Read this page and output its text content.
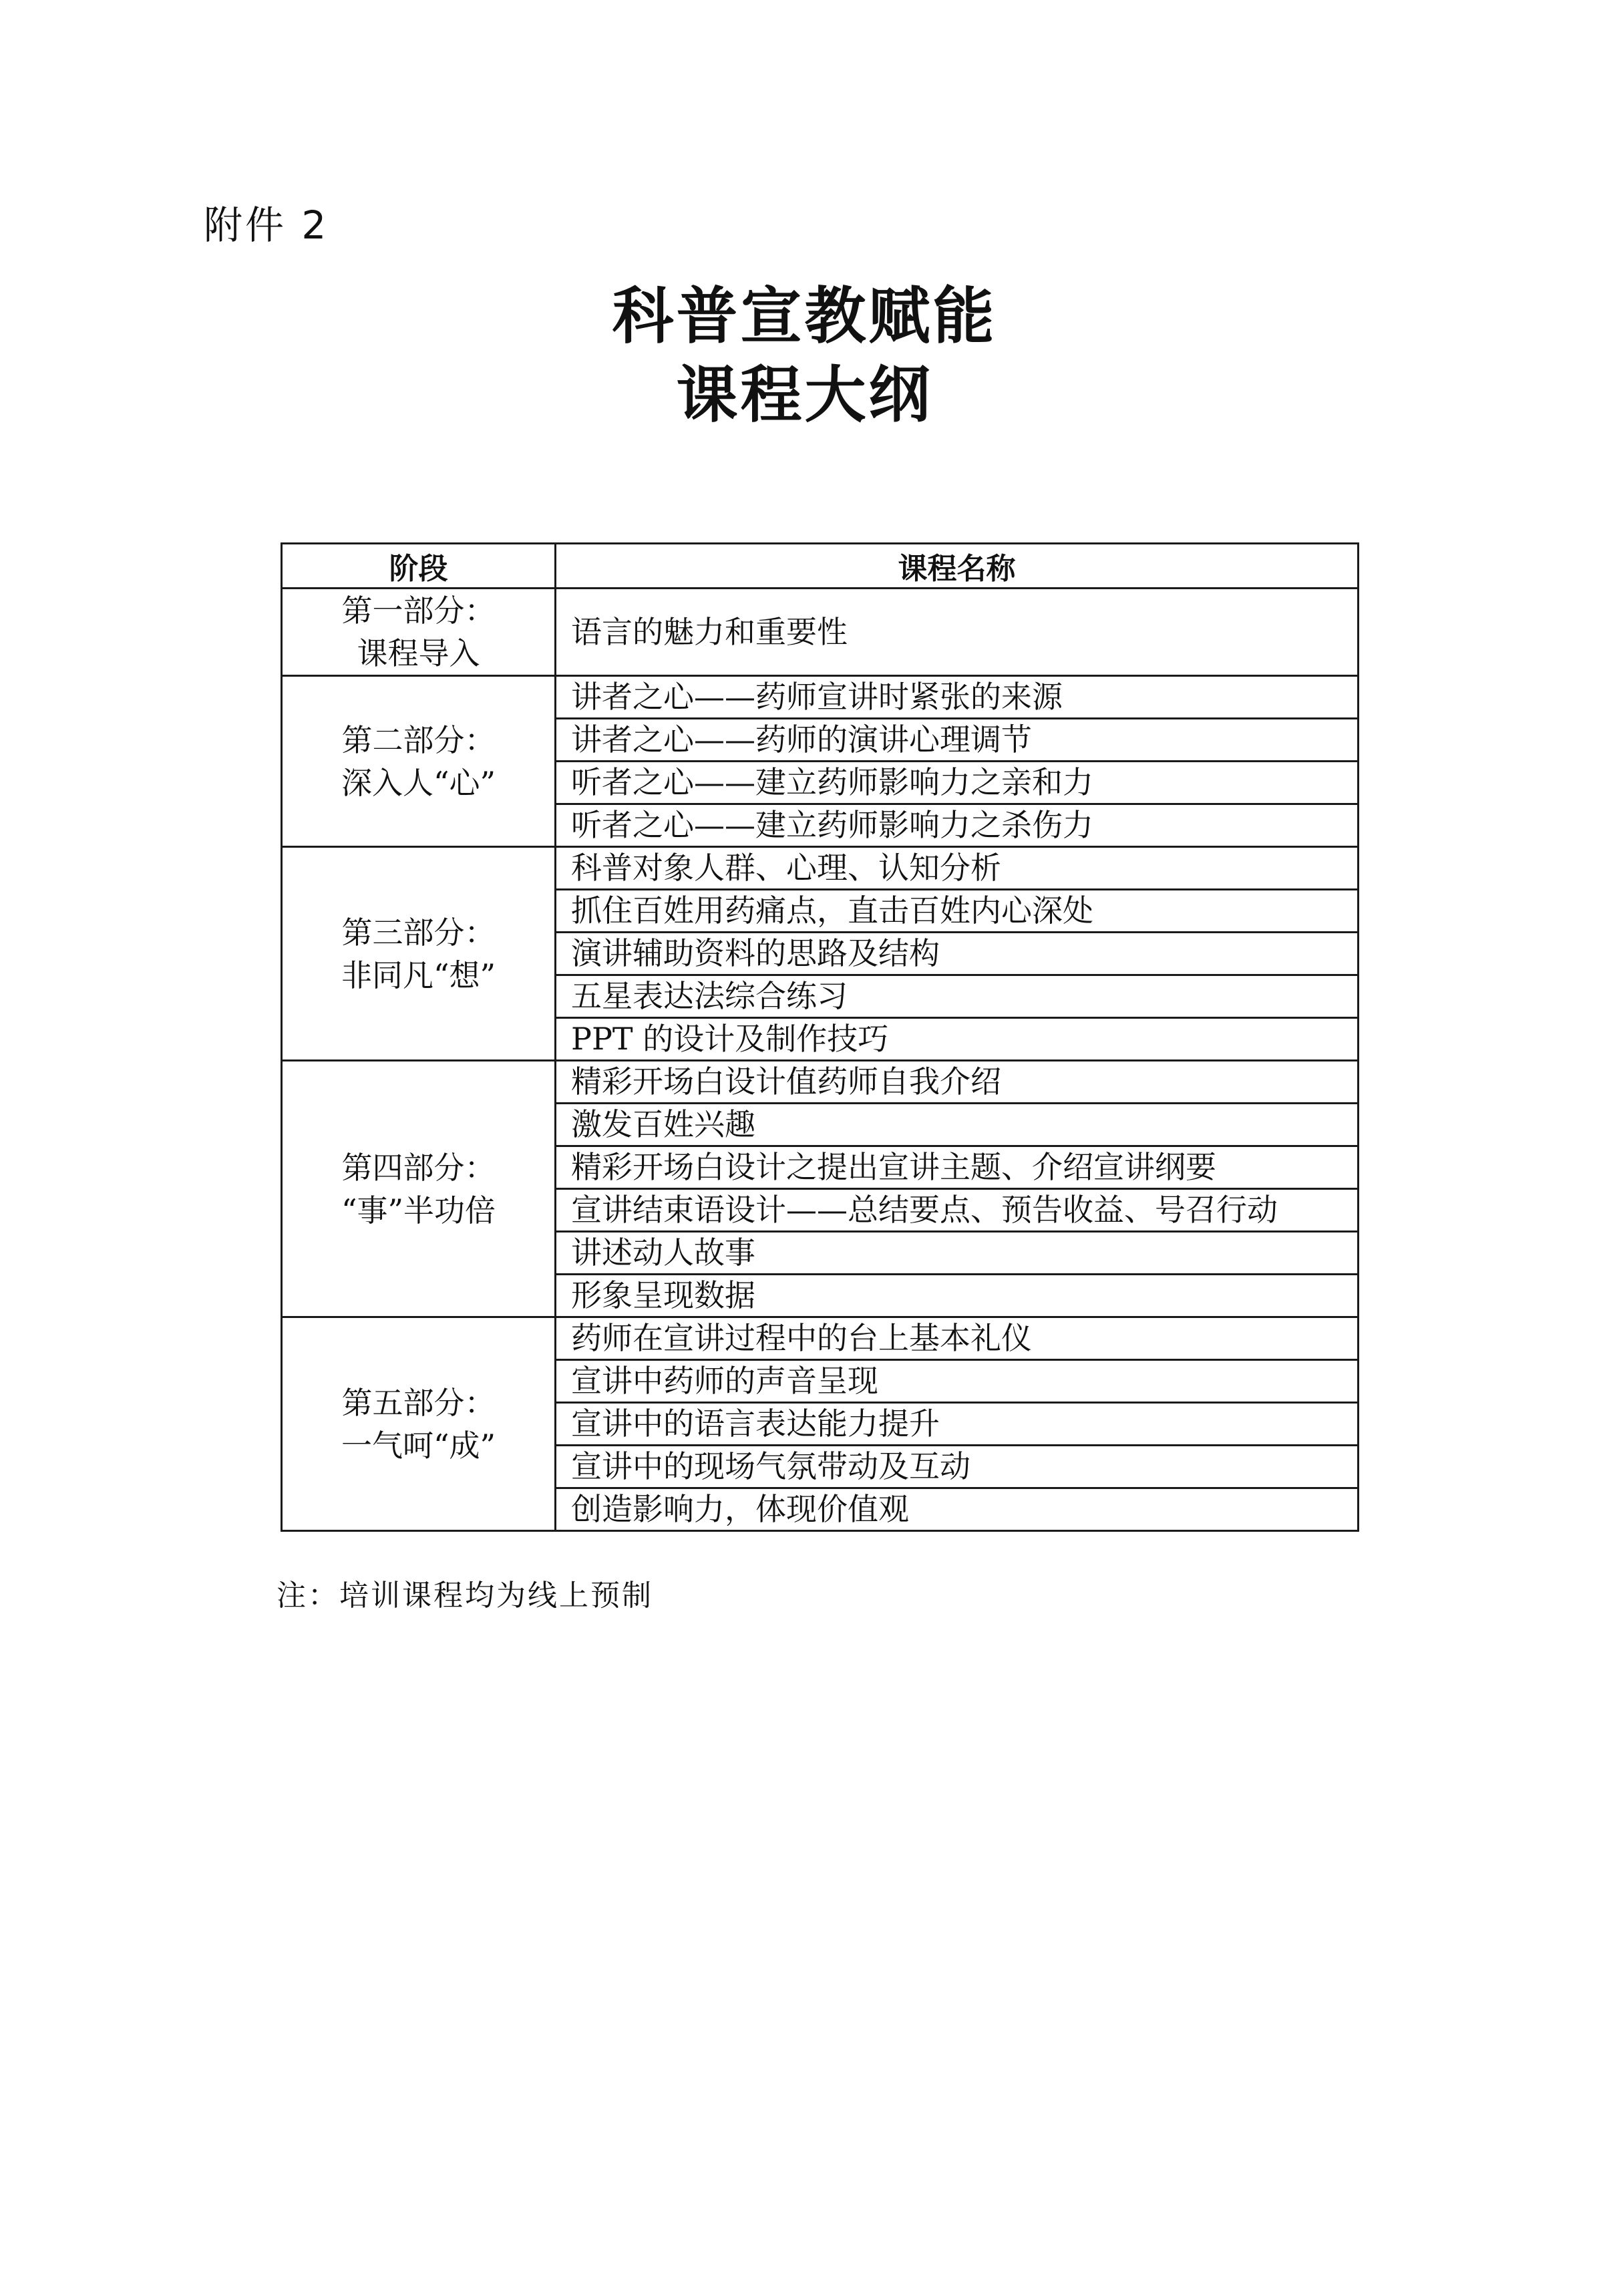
附件 2
科普宣教赋能
课程大纲
阶段	课程名称

第一部分：
课程导入	语言的魅力和重要性

第二部分：
深入人“心”	讲者之心——药师宣讲时紧张的来源
	讲者之心——药师的演讲心理调节
	听者之心——建立药师影响力之亲和力
	听者之心——建立药师影响力之杀伤力

第三部分：
非同凡“想”	科普对象人群、心理、认知分析
	抓住百姓用药痛点，直击百姓内心深处
	演讲辅助资料的思路及结构
	五星表达法综合练习
	PPT 的设计及制作技巧

第四部分：
“事”半功倍	精彩开场白设计值药师自我介绍
	激发百姓兴趣
	精彩开场白设计之提出宣讲主题、介绍宣讲纲要
	宣讲结束语设计——总结要点、预告收益、号召行动
	讲述动人故事
	形象呈现数据

第五部分：
一气呵“成”	药师在宣讲过程中的台上基本礼仪
	宣讲中药师的声音呈现
	宣讲中的语言表达能力提升
	宣讲中的现场气氛带动及互动
	创造影响力，体现价值观
注：培训课程均为线上预制
